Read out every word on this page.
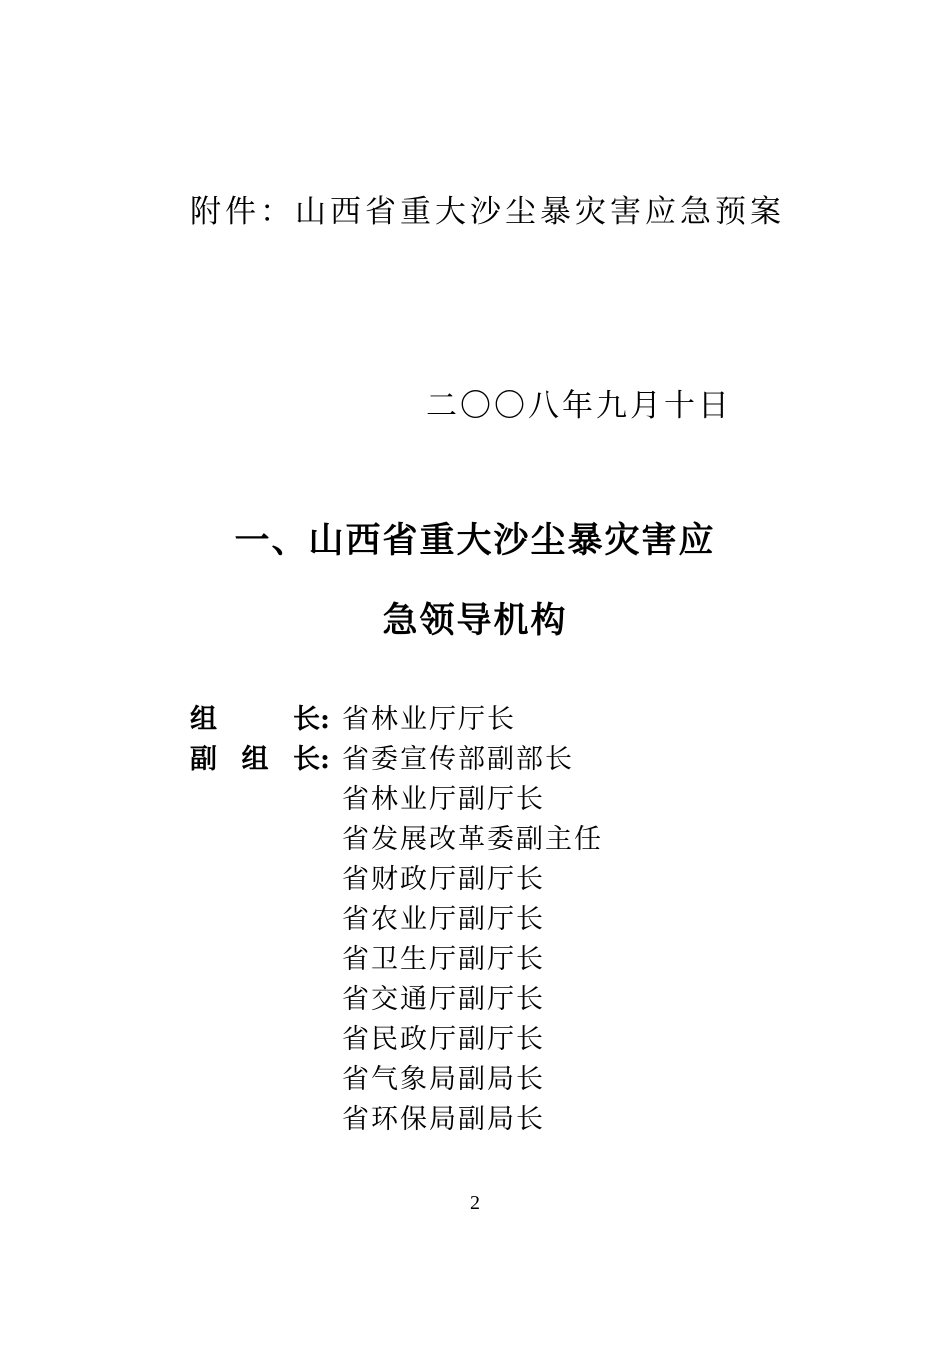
附件：山西省重大沙尘暴灾害应急预案
二〇〇八年九月十日
一、山西省重大沙尘暴灾害应
急领导机构
组	长 : 省林业厅厅长
副 组 长 : 省委宣传部副部长
省林业厅副厅长
省发展改革委副主任
省财政厅副厅长
省农业厅副厅长
省卫生厅副厅长
省交通厅副厅长
省民政厅副厅长
省气象局副局长
省环保局副局长
2
